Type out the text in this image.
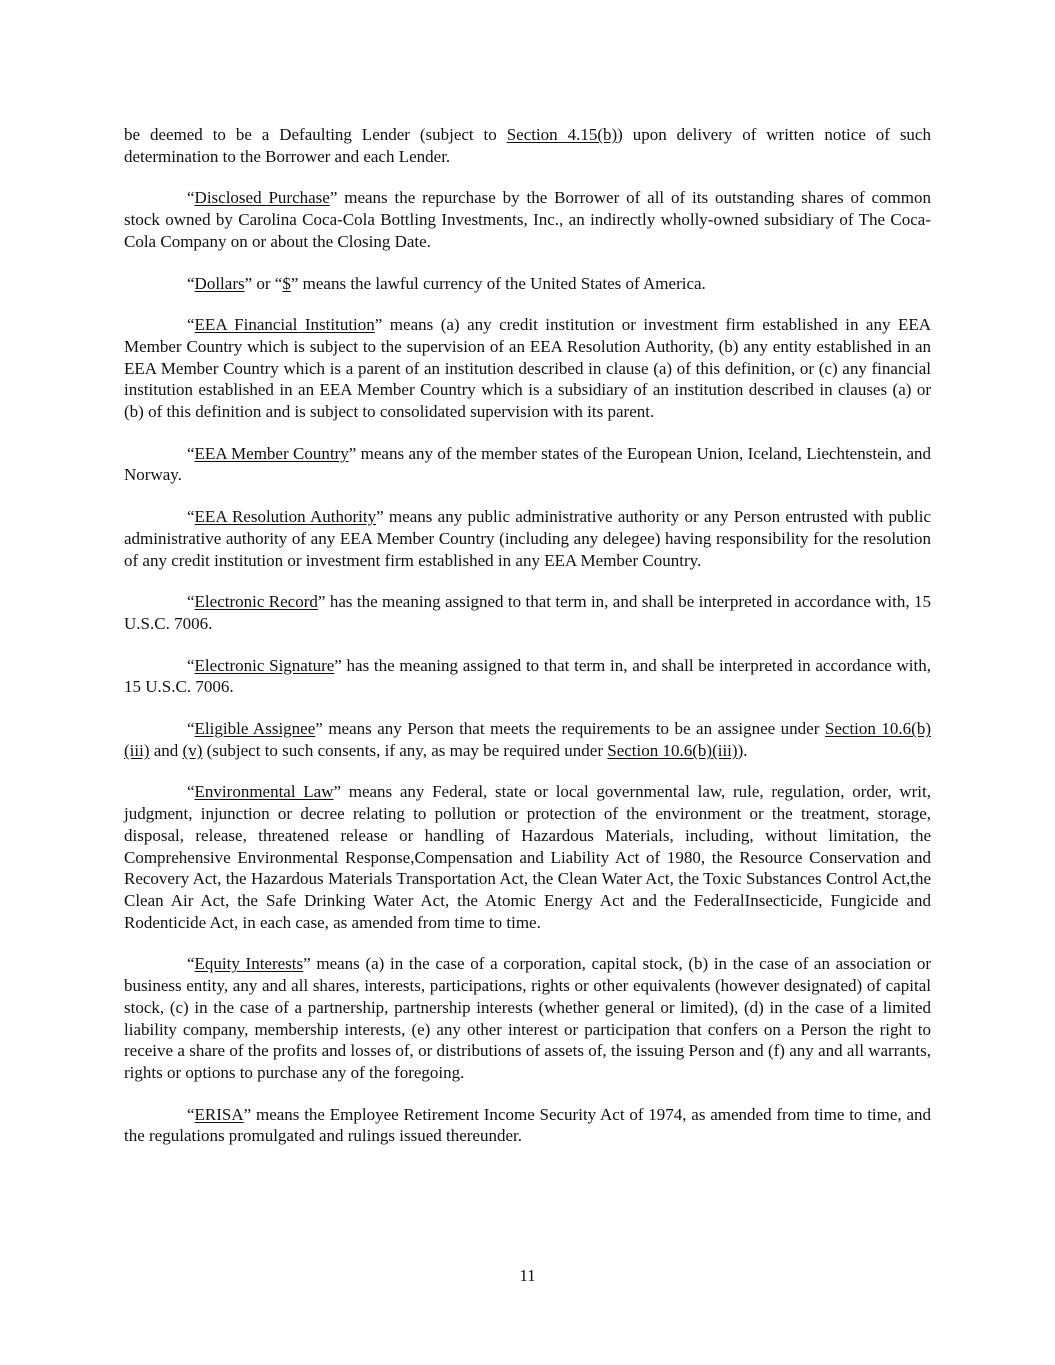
be deemed to be a Defaulting Lender (subject to Section 4.15(b)) upon delivery of written notice of such determination to the Borrower and each Lender.

“Disclosed Purchase” means the repurchase by the Borrower of all of its outstanding shares of common stock owned by Carolina Coca-Cola Bottling Investments, Inc., an indirectly wholly-owned subsidiary of The Coca-Cola Company on or about the Closing Date.

“Dollars” or “$” means the lawful currency of the United States of America.

“EEA Financial Institution” means (a) any credit institution or investment firm established in any EEA Member Country which is subject to the supervision of an EEA Resolution Authority, (b) any entity established in an EEA Member Country which is a parent of an institution described in clause (a) of this definition, or (c) any financial institution established in an EEA Member Country which is a subsidiary of an institution described in clauses (a) or (b) of this definition and is subject to consolidated supervision with its parent.

“EEA Member Country” means any of the member states of the European Union, Iceland, Liechtenstein, and Norway.

“EEA Resolution Authority” means any public administrative authority or any Person entrusted with public administrative authority of any EEA Member Country (including any delegee) having responsibility for the resolution of any credit institution or investment firm established in any EEA Member Country.

“Electronic Record” has the meaning assigned to that term in, and shall be interpreted in accordance with, 15 U.S.C. 7006.

“Electronic Signature” has the meaning assigned to that term in, and shall be interpreted in accordance with, 15 U.S.C. 7006.

“Eligible Assignee” means any Person that meets the requirements to be an assignee under Section 10.6(b)(iii) and (v) (subject to such consents, if any, as may be required under Section 10.6(b)(iii)).

“Environmental Law” means any Federal, state or local governmental law, rule, regulation, order, writ, judgment, injunction or decree relating to pollution or protection of the environment or the treatment, storage, disposal, release, threatened release or handling of Hazardous Materials, including, without limitation, the Comprehensive Environmental Response,Compensation and Liability Act of 1980, the Resource Conservation and Recovery Act, the Hazardous Materials Transportation Act, the Clean Water Act, the Toxic Substances Control Act,the Clean Air Act, the Safe Drinking Water Act, the Atomic Energy Act and the FederalInsecticide, Fungicide and Rodenticide Act, in each case, as amended from time to time.

“Equity Interests” means (a) in the case of a corporation, capital stock, (b) in the case of an association or business entity, any and all shares, interests, participations, rights or other equivalents (however designated) of capital stock, (c) in the case of a partnership, partnership interests (whether general or limited), (d) in the case of a limited liability company, membership interests, (e) any other interest or participation that confers on a Person the right to receive a share of the profits and losses of, or distributions of assets of, the issuing Person and (f) any and all warrants, rights or options to purchase any of the foregoing.

“ERISA” means the Employee Retirement Income Security Act of 1974, as amended from time to time, and the regulations promulgated and rulings issued thereunder.

11
